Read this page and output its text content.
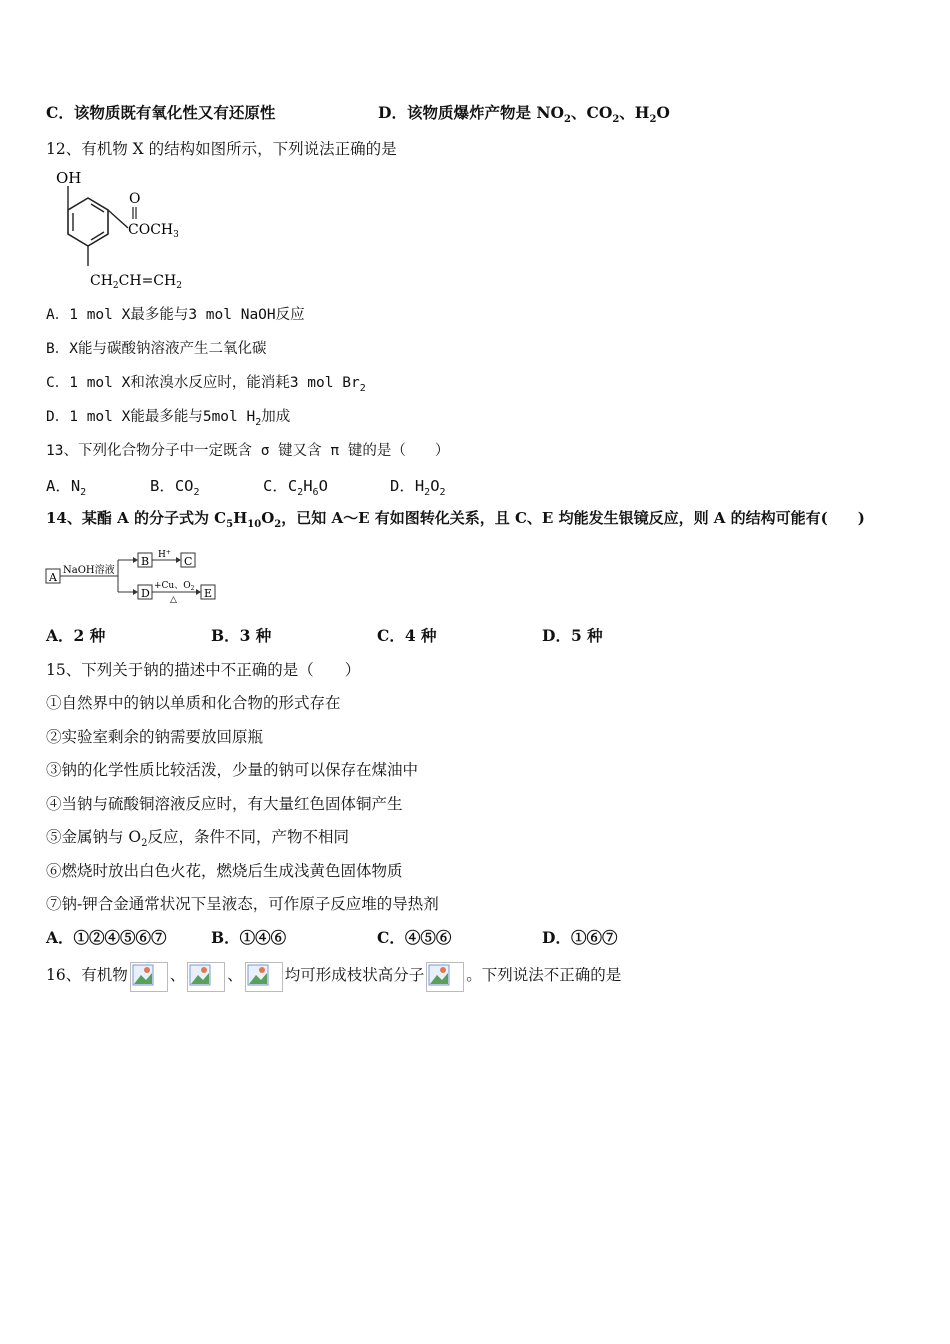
C．该物质既有氧化性又有还原性	D．该物质爆炸产物是 $NO_2$、$CO_2$、$H_2O$
12、有机物 X 的结构如图所示，下列说法正确的是
OH
O
$COCH_3$
$CH_2CH=CH_2$
A．1 mol X最多能与3 mol NaOH反应
B．X能与碳酸钠溶液产生二氧化碳
C．1 mol X和浓溴水反应时，能消耗3 mol $Br_2$
D．1 mol X能最多能与5mol $H_2$加成
13、下列化合物分子中一定既含 σ 键又含 π 键的是（　　）
A．$N_2$	B．$CO_2$	C．$C_2H_6O$	D．$H_2O_2$
14、某酯 A 的分子式为 $C_5H_{10}O_2$，已知 A～E 有如图转化关系，且 C、E 均能发生银镜反应，则 A 的结构可能有(　　)
A
NaOH溶液
B H+
C
D
+Cu、$O_2$
△ E
A．2 种	B．3 种	C．4 种	D．5 种
15、下列关于钠的描述中不正确的是（　　）
①自然界中的钠以单质和化合物的形式存在
②实验室剩余的钠需要放回原瓶
③钠的化学性质比较活泼，少量的钠可以保存在煤油中
④当钠与硫酸铜溶液反应时，有大量红色固体铜产生
⑤金属钠与 $O_2$反应，条件不同，产物不相同
⑥燃烧时放出白色火花，燃烧后生成浅黄色固体物质
⑦钠-钾合金通常状况下呈液态，可作原子反应堆的导热剂
A．①②④⑤⑥⑦	B．①④⑥	C．④⑤⑥	D．①⑥⑦
16、有机物	、	、	均可形成枝状高分子	。下列说法不正确的是
